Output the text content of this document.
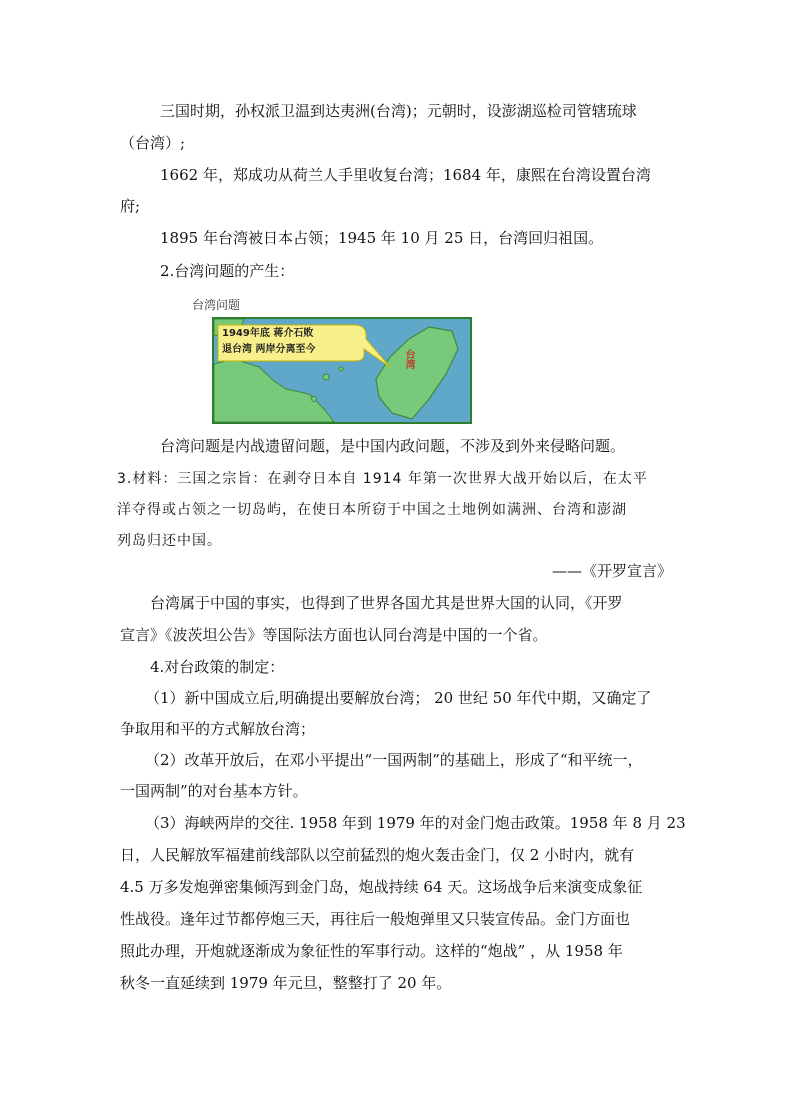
三国时期，孙权派卫温到达夷洲(台湾)；元朝时，设澎湖巡检司管辖琉球
（台湾）;
1662 年，郑成功从荷兰人手里收复台湾；1684 年，康熙在台湾设置台湾
府;
1895 年台湾被日本占领；1945 年 10 月 25 日，台湾回归祖国。
2.台湾问题的产生：
台湾问题
1949年底 蒋介石败
退台湾 两岸分离至今	台湾
台湾问题是内战遗留问题，是中国内政问题，不涉及到外来侵略问题。
3.材料：三国之宗旨：在剥夺日本自 1914 年第一次世界大战开始以后，在太平
洋夺得或占领之一切岛屿，在使日本所窃于中国之土地例如满洲、台湾和澎湖
列岛归还中国。
——《开罗宣言》
台湾属于中国的事实，也得到了世界各国尤其是世界大国的认同，《开罗
宣言》《波茨坦公告》等国际法方面也认同台湾是中国的一个省。
4.对台政策的制定：
（1）新中国成立后,明确提出要解放台湾； 20 世纪 50 年代中期，又确定了
争取用和平的方式解放台湾；
（2）改革开放后，在邓小平提出“一国两制”的基础上，形成了“和平统一，
一国两制”的对台基本方针。
（3）海峡两岸的交往. 1958 年到 1979 年的对金门炮击政策。1958 年 8 月 23
日，人民解放军福建前线部队以空前猛烈的炮火轰击金门，仅 2 小时内，就有
4.5 万多发炮弹密集倾泻到金门岛，炮战持续 64 天。这场战争后来演变成象征
性战役。逢年过节都停炮三天，再往后一般炮弹里又只装宣传品。金门方面也
照此办理，开炮就逐渐成为象征性的军事行动。这样的“炮战” ，从 1958 年
秋冬一直延续到 1979 年元旦，整整打了 20 年。
